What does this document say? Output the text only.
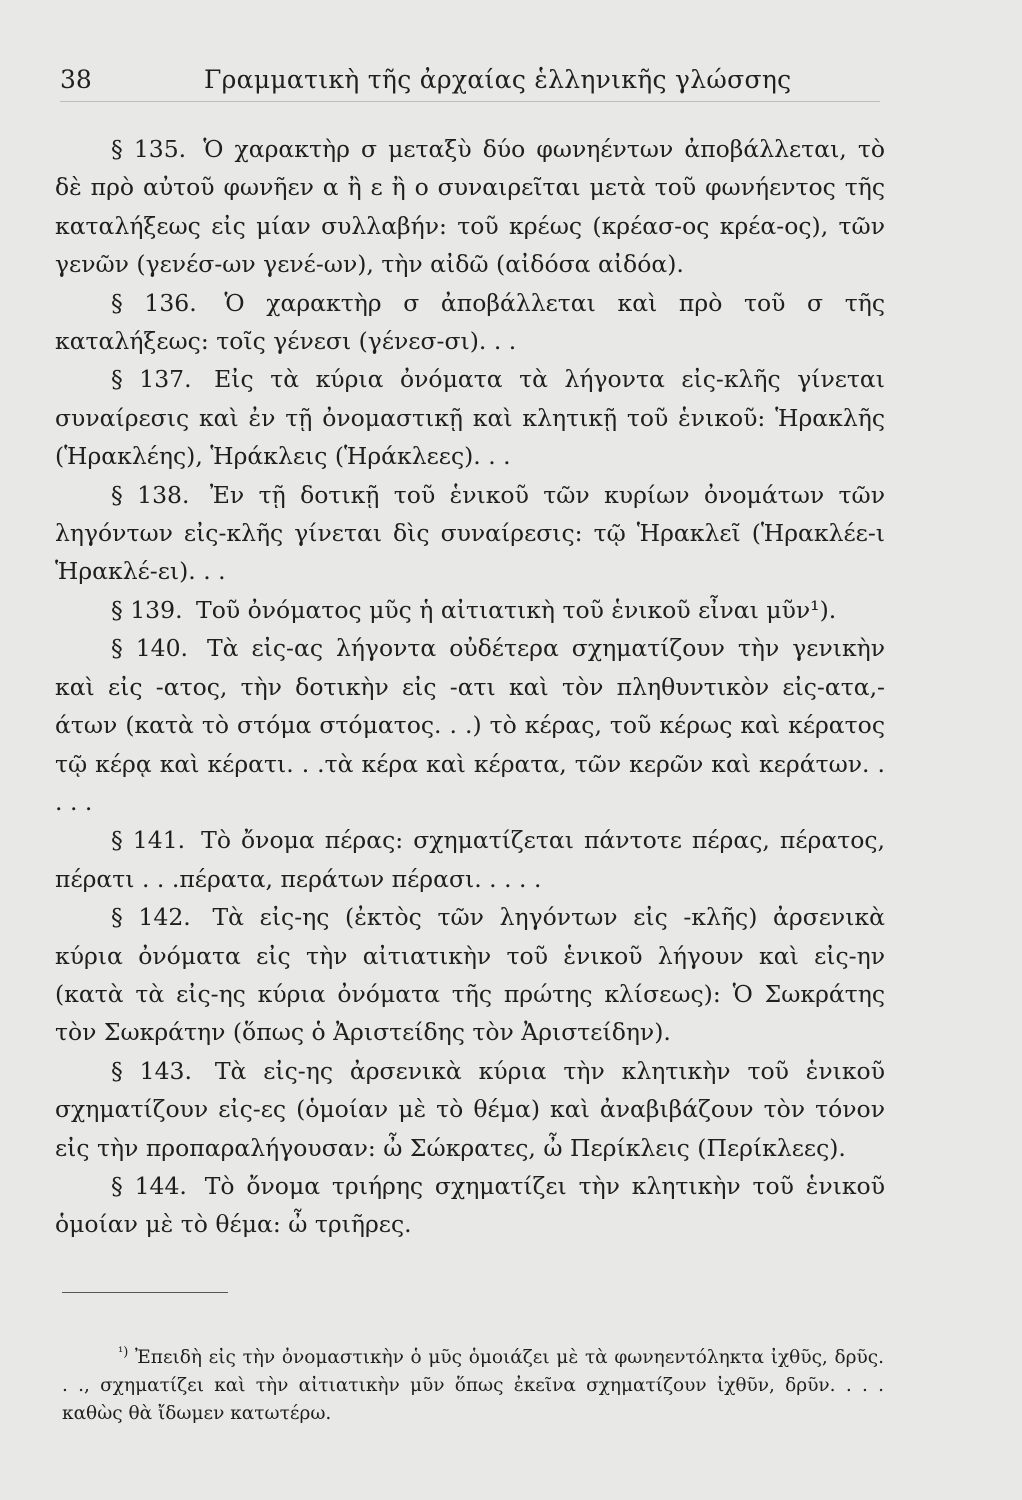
38	Γραμματικὴ τῆς ἀρχαίας ἑλληνικῆς γλώσσης

§ 135. Ὁ χαρακτὴρ σ μεταξὺ δύο φωνηέντων ἀποβάλλεται, τὸ δὲ πρὸ αὐτοῦ φωνῆεν α ἢ ε ἢ ο συναιρεῖται μετὰ τοῦ φωνήεντος τῆς καταλήξεως εἰς μίαν συλλαβήν: τοῦ κρέως (κρέασ-ος κρέα-ος), τῶν γενῶν (γενέσ-ων γενέ-ων), τὴν αἰδῶ (αἰδόσα αἰδόα).

§ 136. Ὁ χαρακτὴρ σ ἀποβάλλεται καὶ πρὸ τοῦ σ τῆς καταλήξεως: τοῖς γένεσι (γένεσ-σι). . .

§ 137. Εἰς τὰ κύρια ὀνόματα τὰ λήγοντα εἰς-κλῆς γίνεται συναίρεσις καὶ ἐν τῇ ὀνομαστικῇ καὶ κλητικῇ τοῦ ἑνικοῦ: Ἡρακλῆς (Ἡρακλέης), Ἡράκλεις (Ἡράκλεες). . .

§ 138. Ἐν τῇ δοτικῇ τοῦ ἑνικοῦ τῶν κυρίων ὀνομάτων τῶν ληγόντων εἰς-κλῆς γίνεται δὶς συναίρεσις: τῷ Ἡρακλεῖ (Ἡρακλέε-ι Ἡρακλέ-ει). . .

§ 139. Τοῦ ὀνόματος μῦς ἡ αἰτιατικὴ τοῦ ἑνικοῦ εἶναι μῦν¹).

§ 140. Τὰ εἰς-ας λήγοντα οὐδέτερα σχηματίζουν τὴν γενικὴν καὶ εἰς -ατος, τὴν δοτικὴν εἰς -ατι καὶ τὸν πληθυντικὸν εἰς-ατα,-άτων (κατὰ τὸ στόμα στόματος. . .) τὸ κέρας, τοῦ κέρως καὶ κέρατος τῷ κέρᾳ καὶ κέρατι. . .τὰ κέρα καὶ κέρατα, τῶν κερῶν καὶ κεράτων. . . . .

§ 141. Τὸ ὄνομα πέρας: σχηματίζεται πάντοτε πέρας, πέρατος, πέρατι . . .πέρατα, περάτων πέρασι. . . . .

§ 142. Τὰ εἰς-ης (ἐκτὸς τῶν ληγόντων εἰς -κλῆς) ἀρσενικὰ κύρια ὀνόματα εἰς τὴν αἰτιατικὴν τοῦ ἑνικοῦ λήγουν καὶ εἰς-ην (κατὰ τὰ εἰς-ης κύρια ὀνόματα τῆς πρώτης κλίσεως): Ὁ Σωκράτης τὸν Σωκράτην (ὅπως ὁ Ἀριστείδης τὸν Ἀριστείδην).

§ 143. Τὰ εἰς-ης ἀρσενικὰ κύρια τὴν κλητικὴν τοῦ ἑνικοῦ σχηματίζουν εἰς-ες (ὁμοίαν μὲ τὸ θέμα) καὶ ἀναβιβάζουν τὸν τόνον εἰς τὴν προπαραλήγουσαν: ὦ Σώκρατες, ὦ Περίκλεις (Περίκλεες).

§ 144. Τὸ ὄνομα τριήρης σχηματίζει τὴν κλητικὴν τοῦ ἑνικοῦ ὁμοίαν μὲ τὸ θέμα: ὦ τριῆρες.

$^{^1)}$ Ἐπειδὴ εἰς τὴν ὀνομαστικὴν ὁ μῦς ὁμοιάζει μὲ τὰ φωνηεντόληκτα ἰχθῦς, δρῦς. . ., σχηματίζει καὶ τὴν αἰτιατικὴν μῦν ὅπως ἐκεῖνα σχηματίζουν ἰχθῦν, δρῦν. . . . καθὼς θὰ ἴδωμεν κατωτέρω.
